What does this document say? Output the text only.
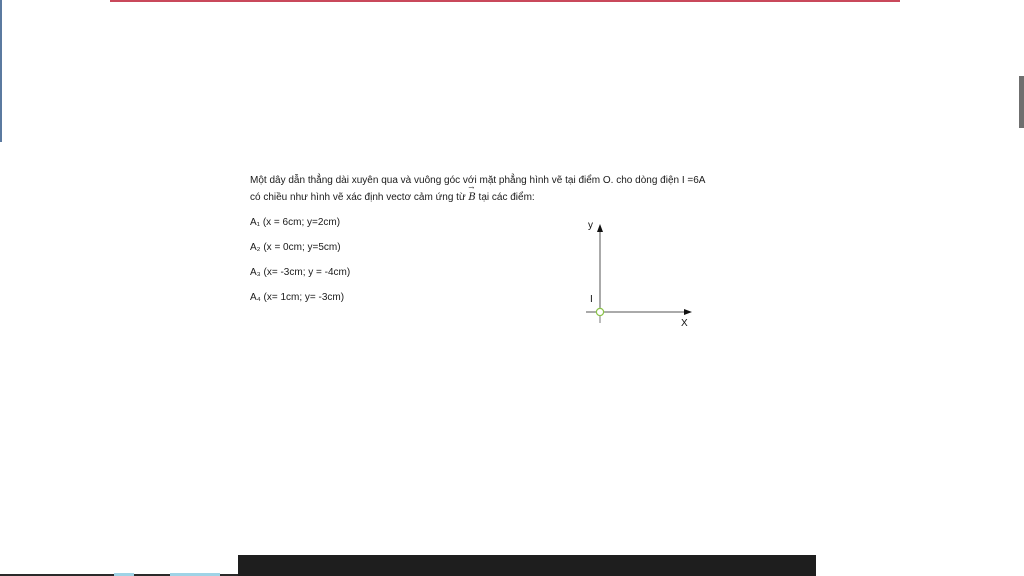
Một dây dẫn thẳng dài xuyên qua và vuông góc với mặt phẳng hình vẽ tại điểm O. cho dòng điện I =6A
có chiều như hình vẽ xác định vectơ cảm ứng từ → B tại các điểm:

A₁ (x = 6cm; y=2cm)
A₂ (x = 0cm; y=5cm)
A₃ (x= -3cm; y = -4cm)
A₄ (x= 1cm; y= -3cm)
y
X
I
